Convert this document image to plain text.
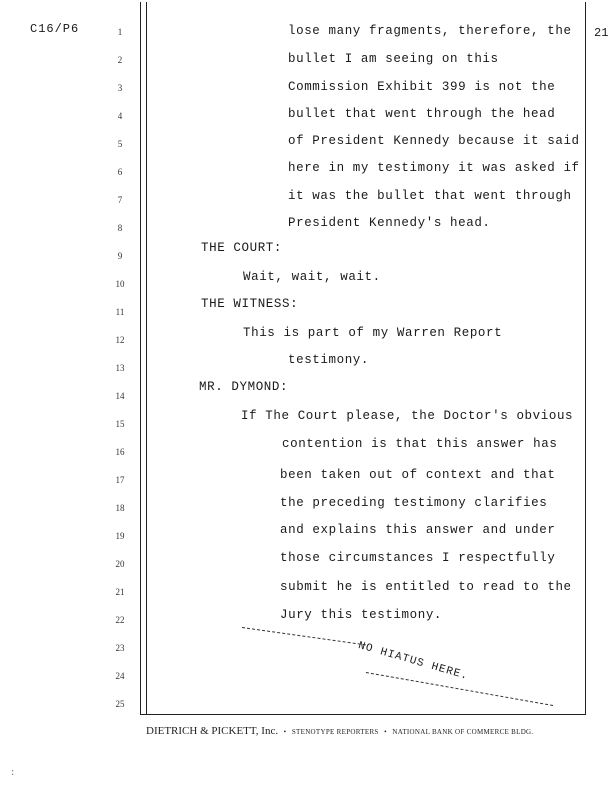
C16/P6	21
1
2
3
4
5
6
7
8
9
10
11
12
13
14
15
16
17
18
19
20
21
22
23
24
25
lose many fragments, therefore, the
bullet I am seeing on this
Commission Exhibit 399 is not the
bullet that went through the head
of President Kennedy because it said
here in my testimony it was asked if
it was the bullet that went through
President Kennedy's head.
THE COURT:
Wait, wait, wait.
THE WITNESS:
This is part of my Warren Report
testimony.
MR. DYMOND:
If The Court please, the Doctor's obvious
contention is that this answer has
been taken out of context and that
the preceding testimony clarifies
and explains this answer and under
those circumstances I respectfully
submit he is entitled to read to the
Jury this testimony.
NO HIATUS HERE.
DIETRICH & PICKETT, Inc. • STENOTYPE REPORTERS • NATIONAL BANK OF COMMERCE BLDG.
:
